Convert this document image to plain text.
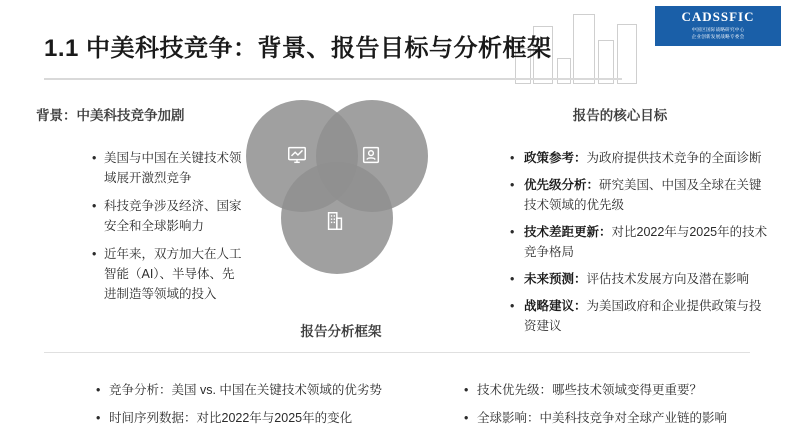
CADSSFIC
中国区国际战略研究中心
企业创新发展战略专委会
1.1 中美科技竞争：背景、报告目标与分析框架
背景：中美科技竞争加剧
• 美国与中国在关键技术领域展开激烈竞争
• 科技竞争涉及经济、国家安全和全球影响力
• 近年来，双方加大在人工智能（AI）、半导体、先进制造等领域的投入
报告分析框架
报告的核心目标
• 政策参考：为政府提供技术竞争的全面诊断
• 优先级分析：研究美国、中国及全球在关键技术领域的优先级
• 技术差距更新：对比2022年与2025年的技术竞争格局
• 未来预测：评估技术发展方向及潜在影响
• 战略建议：为美国政府和企业提供政策与投资建议
• 竞争分析：美国 vs. 中国在关键技术领域的优劣势
• 时间序列数据：对比2022年与2025年的变化
• 技术优先级：哪些技术领域变得更重要？
• 全球影响：中美科技竞争对全球产业链的影响
